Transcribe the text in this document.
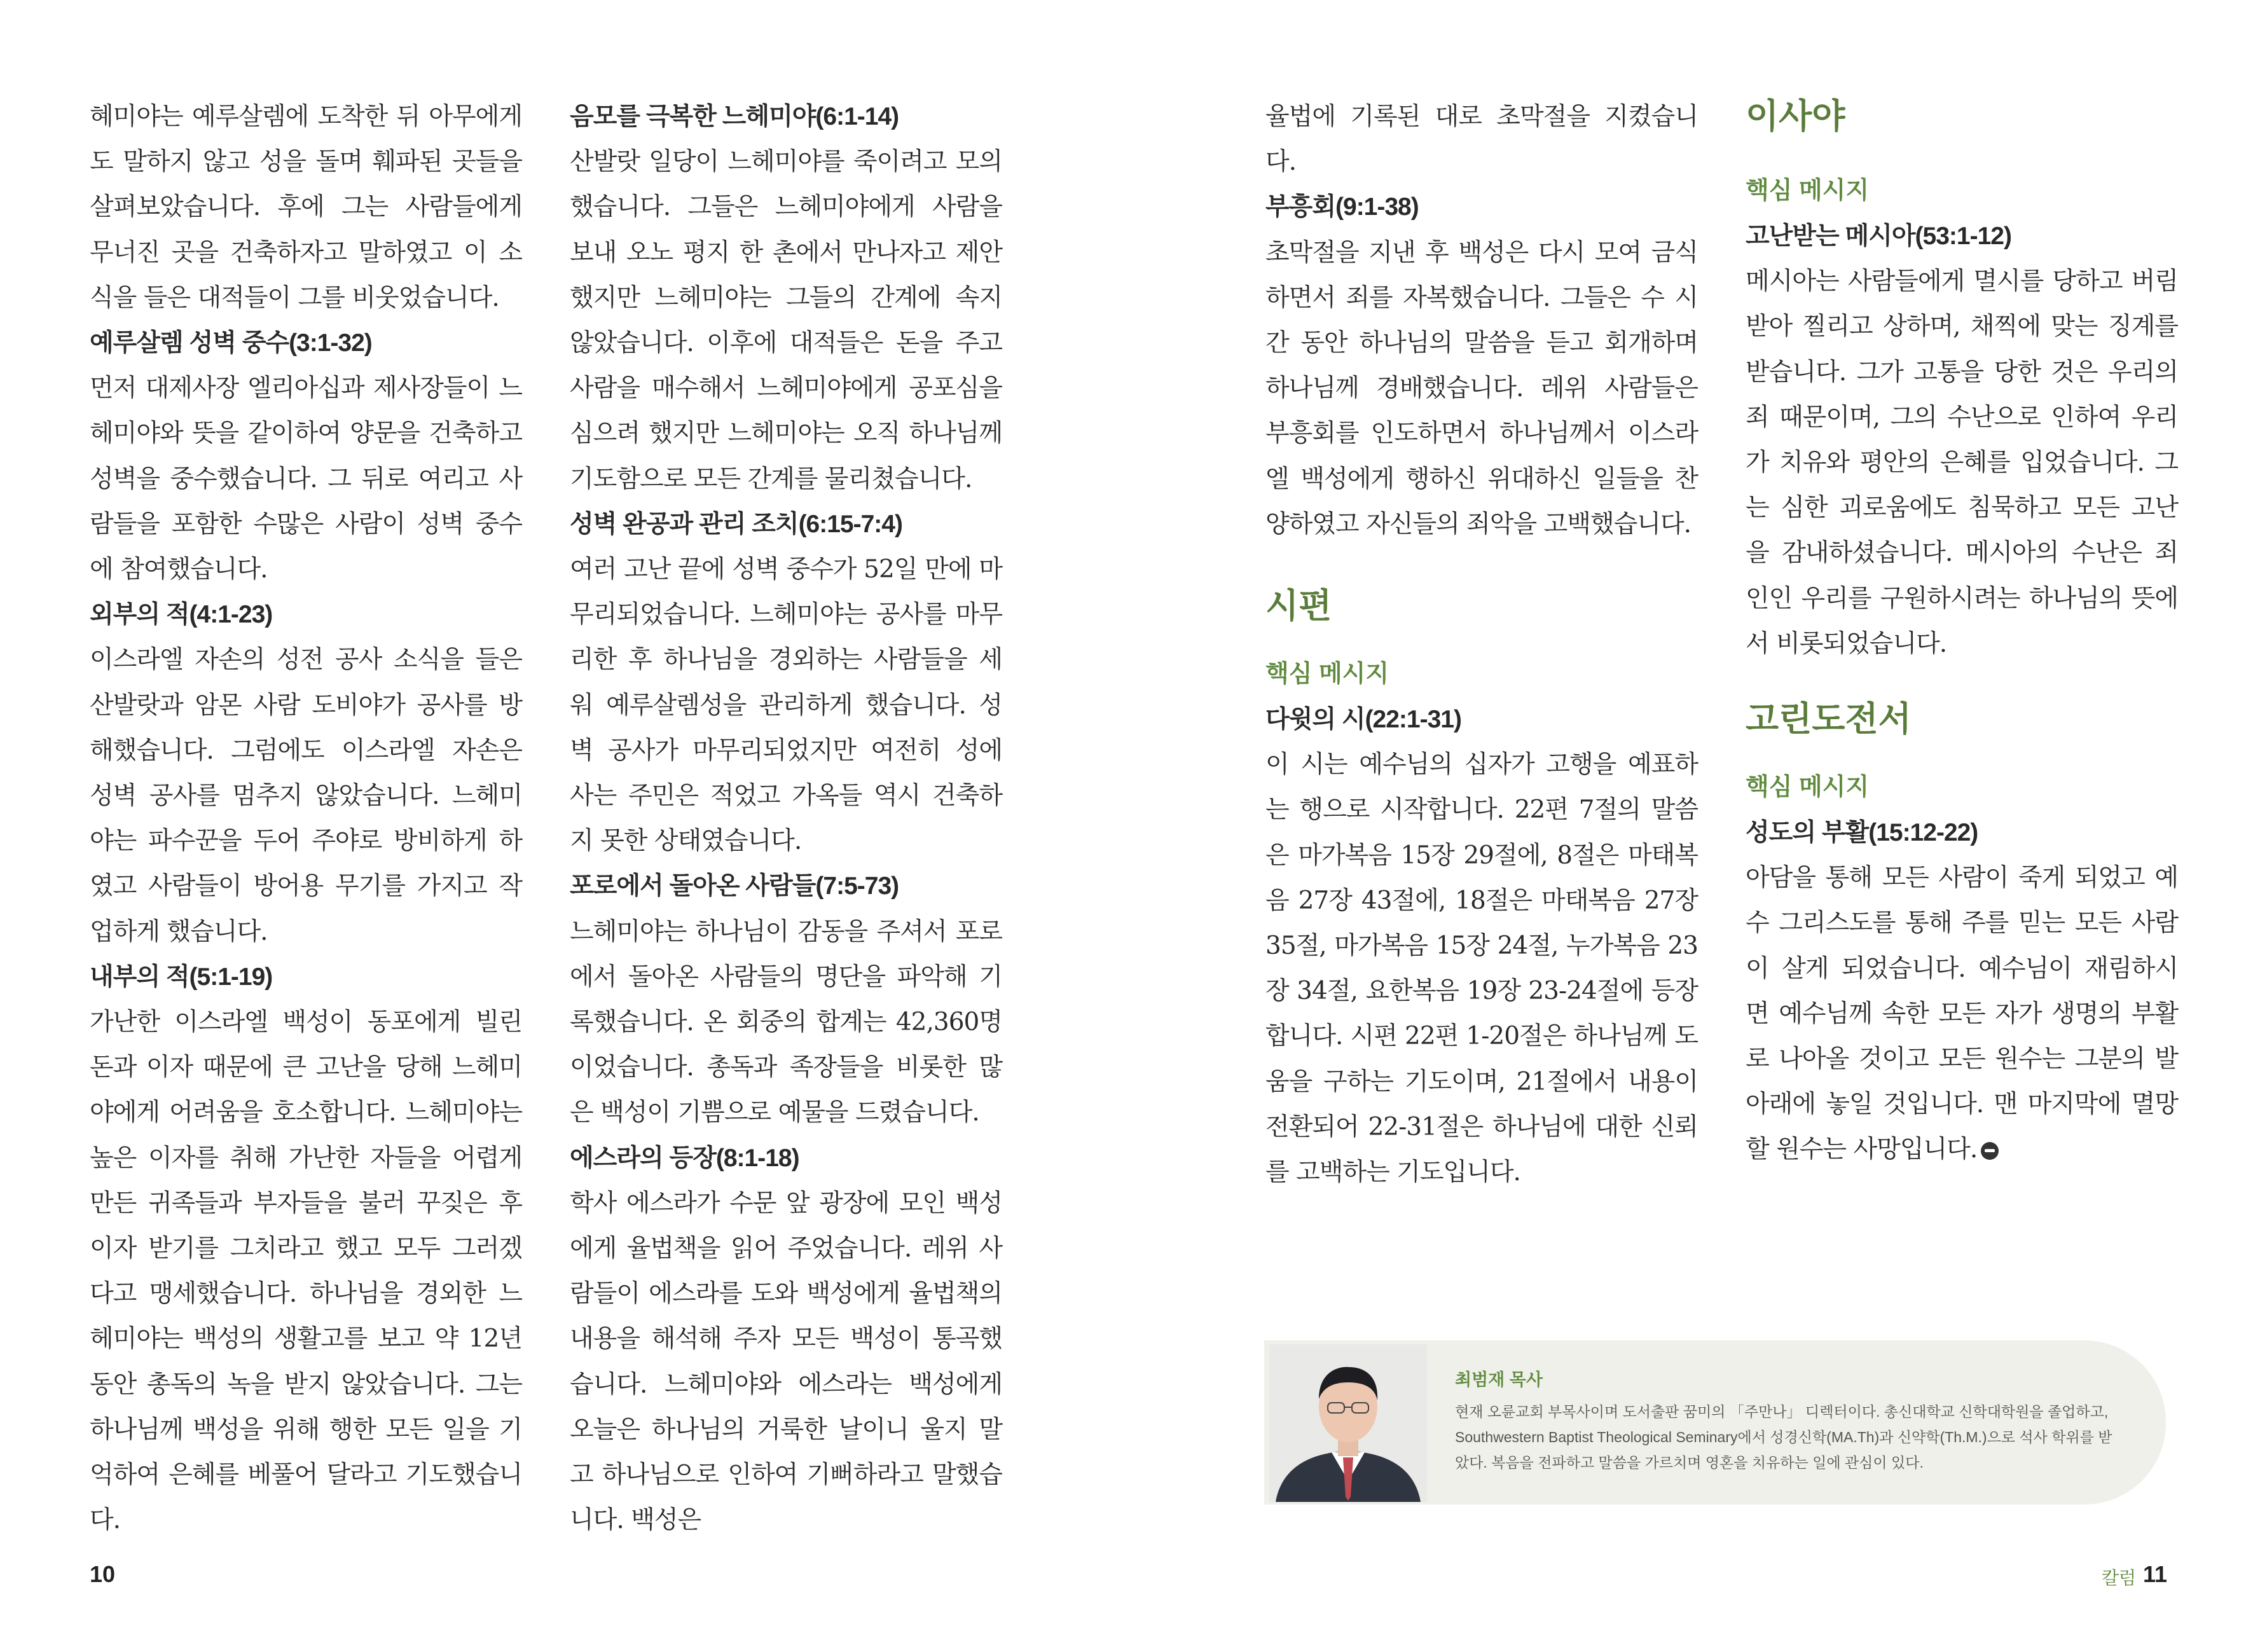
혜미야는 예루살렘에 도착한 뒤 아무에게도 말하지 않고 성을 돌며 훼파된 곳들을 살펴보았습니다. 후에 그는 사람들에게 무너진 곳을 건축하자고 말하였고 이 소식을 들은 대적들이 그를 비웃었습니다.

예루살렘 성벽 중수(3:1-32)

먼저 대제사장 엘리아십과 제사장들이 느헤미야와 뜻을 같이하여 양문을 건축하고 성벽을 중수했습니다. 그 뒤로 여리고 사람들을 포함한 수많은 사람이 성벽 중수에 참여했습니다.

외부의 적(4:1-23)

이스라엘 자손의 성전 공사 소식을 들은 산발랏과 암몬 사람 도비야가 공사를 방해했습니다. 그럼에도 이스라엘 자손은 성벽 공사를 멈추지 않았습니다. 느헤미야는 파수꾼을 두어 주야로 방비하게 하였고 사람들이 방어용 무기를 가지고 작업하게 했습니다.

내부의 적(5:1-19)

가난한 이스라엘 백성이 동포에게 빌린 돈과 이자 때문에 큰 고난을 당해 느헤미야에게 어려움을 호소합니다. 느헤미야는 높은 이자를 취해 가난한 자들을 어렵게 만든 귀족들과 부자들을 불러 꾸짖은 후 이자 받기를 그치라고 했고 모두 그러겠다고 맹세했습니다. 하나님을 경외한 느헤미야는 백성의 생활고를 보고 약 12년 동안 총독의 녹을 받지 않았습니다. 그는 하나님께 백성을 위해 행한 모든 일을 기억하여 은혜를 베풀어 달라고 기도했습니다.

음모를 극복한 느헤미야(6:1-14)

산발랏 일당이 느헤미야를 죽이려고 모의했습니다. 그들은 느헤미야에게 사람을 보내 오노 평지 한 촌에서 만나자고 제안했지만 느헤미야는 그들의 간계에 속지 않았습니다. 이후에 대적들은 돈을 주고 사람을 매수해서 느헤미야에게 공포심을 심으려 했지만 느헤미야는 오직 하나님께 기도함으로 모든 간계를 물리쳤습니다.

성벽 완공과 관리 조치(6:15-7:4)

여러 고난 끝에 성벽 중수가 52일 만에 마무리되었습니다. 느헤미야는 공사를 마무리한 후 하나님을 경외하는 사람들을 세워 예루살렘성을 관리하게 했습니다. 성벽 공사가 마무리되었지만 여전히 성에 사는 주민은 적었고 가옥들 역시 건축하지 못한 상태였습니다.

포로에서 돌아온 사람들(7:5-73)

느헤미야는 하나님이 감동을 주셔서 포로에서 돌아온 사람들의 명단을 파악해 기록했습니다. 온 회중의 합계는 42,360명이었습니다. 총독과 족장들을 비롯한 많은 백성이 기쁨으로 예물을 드렸습니다.

에스라의 등장(8:1-18)

학사 에스라가 수문 앞 광장에 모인 백성에게 율법책을 읽어 주었습니다. 레위 사람들이 에스라를 도와 백성에게 율법책의 내용을 해석해 주자 모든 백성이 통곡했습니다. 느헤미야와 에스라는 백성에게 오늘은 하나님의 거룩한 날이니 울지 말고 하나님으로 인하여 기뻐하라고 말했습니다. 백성은

율법에 기록된 대로 초막절을 지켰습니다.

부흥회(9:1-38)

초막절을 지낸 후 백성은 다시 모여 금식하면서 죄를 자복했습니다. 그들은 수 시간 동안 하나님의 말씀을 듣고 회개하며 하나님께 경배했습니다. 레위 사람들은 부흥회를 인도하면서 하나님께서 이스라엘 백성에게 행하신 위대하신 일들을 찬양하였고 자신들의 죄악을 고백했습니다.

시편
핵심 메시지
다윗의 시(22:1-31)

이 시는 예수님의 십자가 고행을 예표하는 행으로 시작합니다. 22편 7절의 말씀은 마가복음 15장 29절에, 8절은 마태복음 27장 43절에, 18절은 마태복음 27장 35절, 마가복음 15장 24절, 누가복음 23장 34절, 요한복음 19장 23-24절에 등장합니다. 시편 22편 1-20절은 하나님께 도움을 구하는 기도이며, 21절에서 내용이 전환되어 22-31절은 하나님에 대한 신뢰를 고백하는 기도입니다.

이사야
핵심 메시지
고난받는 메시아(53:1-12)

메시아는 사람들에게 멸시를 당하고 버림받아 찔리고 상하며, 채찍에 맞는 징계를 받습니다. 그가 고통을 당한 것은 우리의 죄 때문이며, 그의 수난으로 인하여 우리가 치유와 평안의 은혜를 입었습니다. 그는 심한 괴로움에도 침묵하고 모든 고난을 감내하셨습니다. 메시아의 수난은 죄인인 우리를 구원하시려는 하나님의 뜻에서 비롯되었습니다.

고린도전서
핵심 메시지
성도의 부활(15:12-22)

아담을 통해 모든 사람이 죽게 되었고 예수 그리스도를 통해 주를 믿는 모든 사람이 살게 되었습니다. 예수님이 재림하시면 예수님께 속한 모든 자가 생명의 부활로 나아올 것이고 모든 원수는 그분의 발아래에 놓일 것입니다. 맨 마지막에 멸망할 원수는 사망입니다.

최범재 목사

현재 오륜교회 부목사이며 도서출판 꿈미의 「주만나」 디렉터이다. 총신대학교 신학대학원을 졸업하고, Southwestern Baptist Theological Seminary에서 성경신학(MA.Th)과 신약학(Th.M.)으로 석사 학위를 받았다. 복음을 전파하고 말씀을 가르치며 영혼을 치유하는 일에 관심이 있다.

10	칼럼 11
